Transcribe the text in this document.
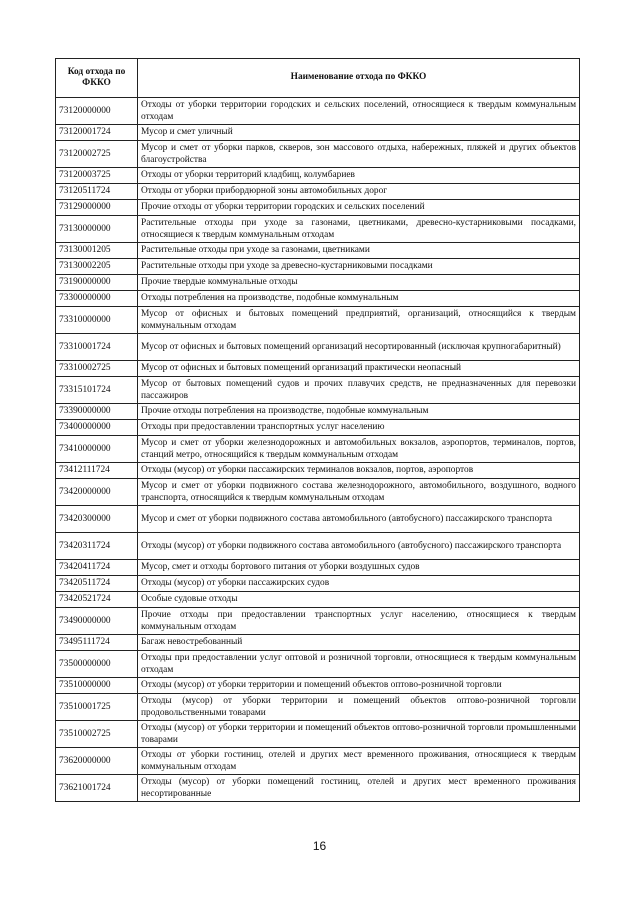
Код отхода по ФККО	Наименование отхода по ФККО
73120000000	Отходы от уборки территории городских и сельских поселений, относящиеся к твердым коммунальным отходам
73120001724	Мусор и смет уличный
73120002725	Мусор и смет от уборки парков, скверов, зон массового отдыха, набережных, пляжей и других объектов благоустройства
73120003725	Отходы от уборки территорий кладбищ, колумбариев
73120511724	Отходы от уборки прибордюрной зоны автомобильных дорог
73129000000	Прочие отходы от уборки территории городских и сельских поселений
73130000000	Растительные отходы при уходе за газонами, цветниками, древесно-кустарниковыми посадками, относящиеся к твердым коммунальным отходам
73130001205	Растительные отходы при уходе за газонами, цветниками
73130002205	Растительные отходы при уходе за древесно-кустарниковыми посадками
73190000000	Прочие твердые коммунальные отходы
73300000000	Отходы потребления на производстве, подобные коммунальным
73310000000	Мусор от офисных и бытовых помещений предприятий, организаций, относящийся к твердым коммунальным отходам
73310001724	Мусор от офисных и бытовых помещений организаций несортированный (исключая крупногабаритный)
73310002725	Мусор от офисных и бытовых помещений организаций практически неопасный
73315101724	Мусор от бытовых помещений судов и прочих плавучих средств, не предназначенных для перевозки пассажиров
73390000000	Прочие отходы потребления на производстве, подобные коммунальным
73400000000	Отходы при предоставлении транспортных услуг населению
73410000000	Мусор и смет от уборки железнодорожных и автомобильных вокзалов, аэропортов, терминалов, портов, станций метро, относящийся к твердым коммунальным отходам
73412111724	Отходы (мусор) от уборки пассажирских терминалов вокзалов, портов, аэропортов
73420000000	Мусор и смет от уборки подвижного состава железнодорожного, автомобильного, воздушного, водного транспорта, относящийся к твердым коммунальным отходам
73420300000	Мусор и смет от уборки подвижного состава автомобильного (автобусного) пассажирского транспорта
73420311724	Отходы (мусор) от уборки подвижного состава автомобильного (автобусного) пассажирского транспорта
73420411724	Мусор, смет и отходы бортового питания от уборки воздушных судов
73420511724	Отходы (мусор) от уборки пассажирских судов
73420521724	Особые судовые отходы
73490000000	Прочие отходы при предоставлении транспортных услуг населению, относящиеся к твердым коммунальным отходам
73495111724	Багаж невостребованный
73500000000	Отходы при предоставлении услуг оптовой и розничной торговли, относящиеся к твердым коммунальным отходам
73510000000	Отходы (мусор) от уборки территории и помещений объектов оптово-розничной торговли
73510001725	Отходы (мусор) от уборки территории и помещений объектов оптово-розничной торговли продовольственными товарами
73510002725	Отходы (мусор) от уборки территории и помещений объектов оптово-розничной торговли промышленными товарами
73620000000	Отходы от уборки гостиниц, отелей и других мест временного проживания, относящиеся к твердым коммунальным отходам
73621001724	Отходы (мусор) от уборки помещений гостиниц, отелей и других мест временного проживания несортированные
16
